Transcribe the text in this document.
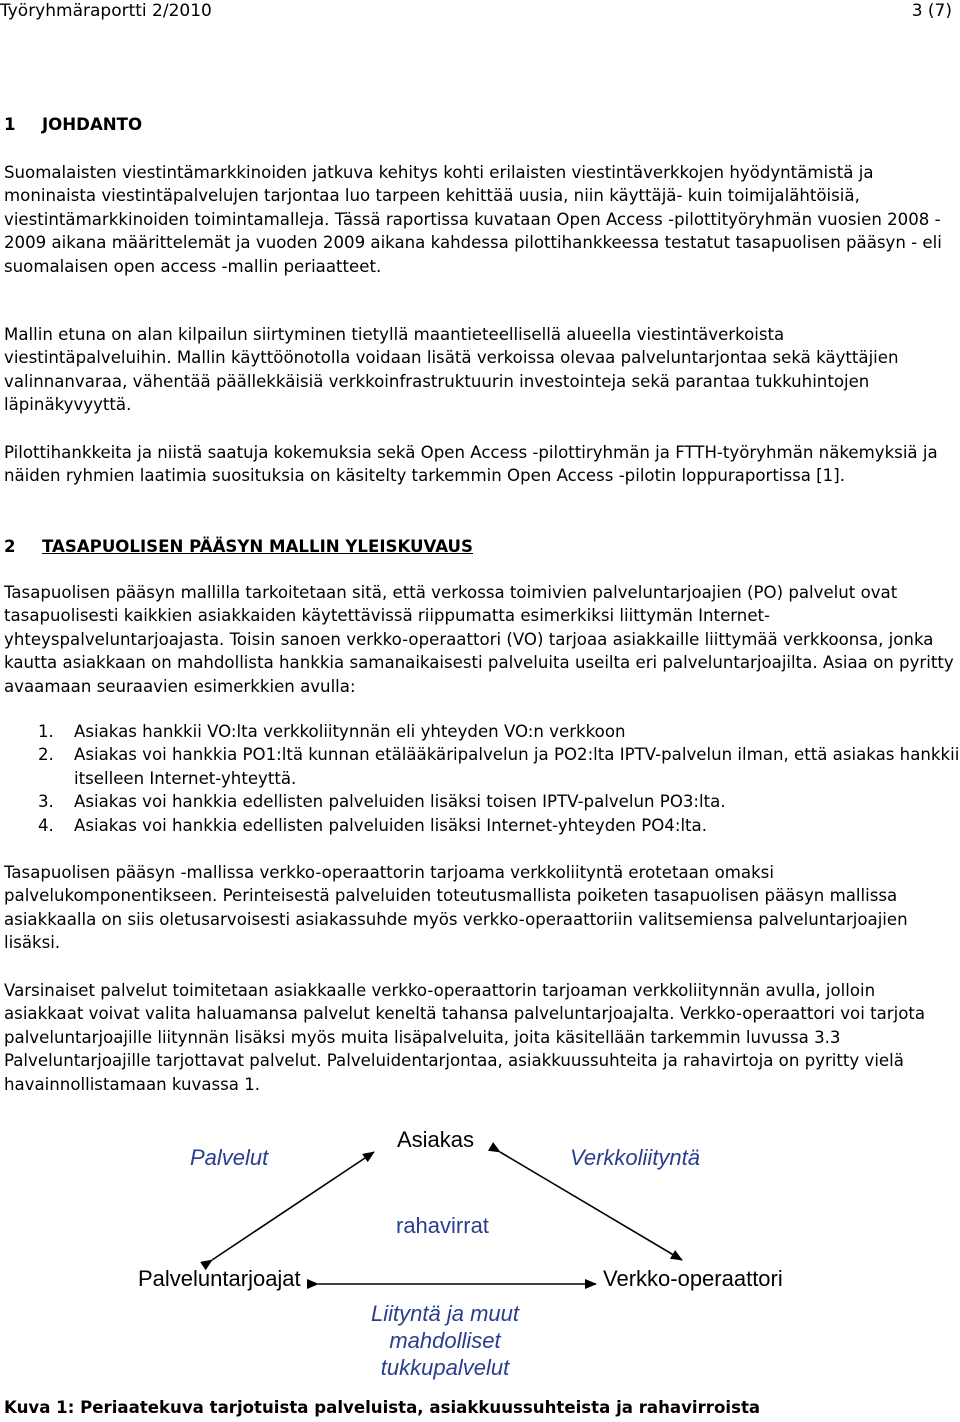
Työryhmäraportti 2/2010	3 (7)
1 JOHDANTO

Suomalaisten viestintämarkkinoiden jatkuva kehitys kohti erilaisten viestintäverkkojen hyödyntämistä ja moninaista viestintäpalvelujen tarjontaa luo tarpeen kehittää uusia, niin käyttäjä- kuin toimijalähtöisiä, viestintämarkkinoiden toimintamalleja. Tässä raportissa kuvataan Open Access -pilottityöryhmän vuosien 2008 - 2009 aikana määrittelemät ja vuoden 2009 aikana kahdessa pilottihankkeessa testatut tasapuolisen pääsyn - eli suomalaisen open access -mallin periaatteet.

Mallin etuna on alan kilpailun siirtyminen tietyllä maantieteellisellä alueella viestintäverkoista viestintäpalveluihin. Mallin käyttöönotolla voidaan lisätä verkoissa olevaa palveluntarjontaa sekä käyttäjien valinnanvaraa, vähentää päällekkäisiä verkkoinfrastruktuurin investointeja sekä parantaa tukkuhintojen läpinäkyvyyttä.

Pilottihankkeita ja niistä saatuja kokemuksia sekä Open Access -pilottiryhmän ja FTTH-työryhmän näkemyksiä ja näiden ryhmien laatimia suosituksia on käsitelty tarkemmin Open Access -pilotin loppuraportissa [1].

2 TASAPUOLISEN PÄÄSYN MALLIN YLEISKUVAUS

Tasapuolisen pääsyn mallilla tarkoitetaan sitä, että verkossa toimivien palveluntarjoajien (PO) palvelut ovat tasapuolisesti kaikkien asiakkaiden käytettävissä riippumatta esimerkiksi liittymän Internet-yhteyspalveluntarjoajasta. Toisin sanoen verkko-operaattori (VO) tarjoaa asiakkaille liittymää verkkoonsa, jonka kautta asiakkaan on mahdollista hankkia samanaikaisesti palveluita useilta eri palveluntarjoajilta. Asiaa on pyritty avaamaan seuraavien esimerkkien avulla:

1. Asiakas hankkii VO:lta verkkoliitynnän eli yhteyden VO:n verkkoon
2. Asiakas voi hankkia PO1:ltä kunnan etälääkäripalvelun ja PO2:lta IPTV-palvelun ilman, että asiakas hankkii itselleen Internet-yhteyttä.
3. Asiakas voi hankkia edellisten palveluiden lisäksi toisen IPTV-palvelun PO3:lta.
4. Asiakas voi hankkia edellisten palveluiden lisäksi Internet-yhteyden PO4:lta.

Tasapuolisen pääsyn -mallissa verkko-operaattorin tarjoama verkkoliityntä erotetaan omaksi palvelukomponentikseen. Perinteisestä palveluiden toteutusmallista poiketen tasapuolisen pääsyn mallissa asiakkaalla on siis oletusarvoisesti asiakassuhde myös verkko-operaattoriin valitsemiensa palveluntarjoajien lisäksi.

Varsinaiset palvelut toimitetaan asiakkaalle verkko-operaattorin tarjoaman verkkoliitynnän avulla, jolloin asiakkaat voivat valita haluamansa palvelut keneltä tahansa palveluntarjoajalta. Verkko-operaattori voi tarjota palveluntarjoajille liitynnän lisäksi myös muita lisäpalveluita, joita käsitellään tarkemmin luvussa 3.3 Palveluntarjoajille tarjottavat palvelut. Palveluidentarjontaa, asiakkuussuhteita ja rahavirtoja on pyritty vielä havainnollistamaan kuvassa 1.

Asiakas
Palvelut	Verkkoliityntä
rahavirrat
Palveluntarjoajat	Verkko-operaattori
Liityntä ja muut
mahdolliset
tukkupalvelut
Kuva 1: Periaatekuva tarjotuista palveluista, asiakkuussuhteista ja rahavirroista
